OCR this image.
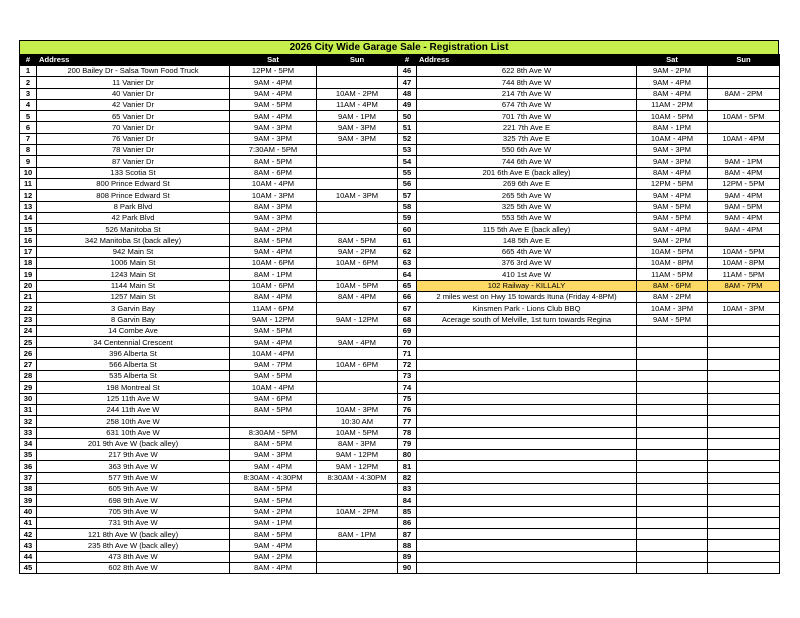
2026 City Wide Garage Sale - Registration List
#	Address	Sat	Sun	#	Address	Sat	Sun
1	200 Bailey Dr - Salsa Town Food Truck	12PM - 5PM		46	622 8th Ave W	9AM - 2PM	
2	11 Vanier Dr	9AM - 4PM		47	744 8th Ave W	9AM - 4PM	
3	40 Vanier Dr	9AM - 4PM	10AM - 2PM	48	214 7th Ave W	8AM - 4PM	8AM - 2PM
4	42 Vanier Dr	9AM - 5PM	11AM - 4PM	49	674 7th Ave W	11AM - 2PM	
5	65 Vanier Dr	9AM - 4PM	9AM - 1PM	50	701 7th Ave W	10AM - 5PM	10AM - 5PM
6	70 Vanier Dr	9AM - 3PM	9AM - 3PM	51	221 7th Ave E	8AM - 1PM	
7	76 Vanier Dr	9AM - 3PM	9AM - 3PM	52	325 7th Ave E	10AM - 4PM	10AM - 4PM
8	78 Vanier Dr	7:30AM - 5PM		53	550 6th Ave W	9AM - 3PM	
9	87 Vanier Dr	8AM - 5PM		54	744 6th Ave W	9AM - 3PM	9AM - 1PM
10	133 Scotia St	8AM - 6PM		55	201 6th Ave E (back alley)	8AM - 4PM	8AM - 4PM
11	800 Prince Edward St	10AM - 4PM		56	269 6th Ave E	12PM - 5PM	12PM - 5PM
12	808 Prince Edward St	10AM - 3PM	10AM - 3PM	57	265 5th Ave W	9AM - 4PM	9AM - 4PM
13	8 Park Blvd	8AM - 3PM		58	325 5th Ave W	9AM - 5PM	9AM - 5PM
14	42 Park Blvd	9AM - 3PM		59	553 5th Ave W	9AM - 5PM	9AM - 4PM
15	526 Manitoba St	9AM - 2PM		60	115 5th Ave E (back alley)	9AM - 4PM	9AM - 4PM
16	342 Manitoba St (back alley)	8AM - 5PM	8AM - 5PM	61	148 5th Ave E	9AM - 2PM	
17	942 Main St	9AM - 4PM	9AM - 2PM	62	665 4th Ave W	10AM - 5PM	10AM - 5PM
18	1006 Main St	10AM - 6PM	10AM - 6PM	63	376 3rd Ave W	10AM - 8PM	10AM - 8PM
19	1243 Main St	8AM - 1PM		64	410 1st Ave W	11AM - 5PM	11AM - 5PM
20	1144 Main St	10AM - 6PM	10AM - 5PM	65	102 Railway - KILLALY	8AM - 6PM	8AM - 7PM
21	1257 Main St	8AM - 4PM	8AM - 4PM	66	2 miles west on Hwy 15 towards Ituna (Friday 4-8PM)	8AM - 2PM	
22	3 Garvin Bay	11AM - 6PM		67	Kinsmen Park - Lions Club BBQ	10AM - 3PM	10AM - 3PM
23	8 Garvin Bay	9AM - 12PM	9AM - 12PM	68	Acerage south of Melville, 1st turn towards Regina	9AM - 5PM	
24	14 Combe Ave	9AM - 5PM		69			
25	34 Centennial Crescent	9AM - 4PM	9AM - 4PM	70			
26	396 Alberta St	10AM - 4PM		71			
27	566 Alberta St	9AM - 7PM	10AM - 6PM	72			
28	535 Alberta St	9AM - 5PM		73			
29	198 Montreal St	10AM - 4PM		74			
30	125 11th Ave W	9AM - 6PM		75			
31	244 11th Ave W	8AM - 5PM	10AM - 3PM	76			
32	258 10th Ave W		10:30 AM	77			
33	631 10th Ave W	8:30AM - 5PM	10AM - 5PM	78			
34	201 9th Ave W (back alley)	8AM - 5PM	8AM - 3PM	79			
35	217 9th Ave W	9AM - 3PM	9AM - 12PM	80			
36	363 9th Ave W	9AM - 4PM	9AM - 12PM	81			
37	577 9th Ave W	8:30AM - 4:30PM	8:30AM - 4:30PM	82			
38	605 9th Ave W	8AM - 5PM		83			
39	698 9th Ave W	9AM - 5PM		84			
40	705 9th Ave W	9AM - 2PM	10AM - 2PM	85			
41	731 9th Ave W	9AM - 1PM		86			
42	121 8th Ave W (back alley)	8AM - 5PM	8AM - 1PM	87			
43	235 8th Ave W (back alley)	9AM - 4PM		88			
44	473 8th Ave W	9AM - 2PM		89			
45	602 8th Ave W	8AM - 4PM		90			
